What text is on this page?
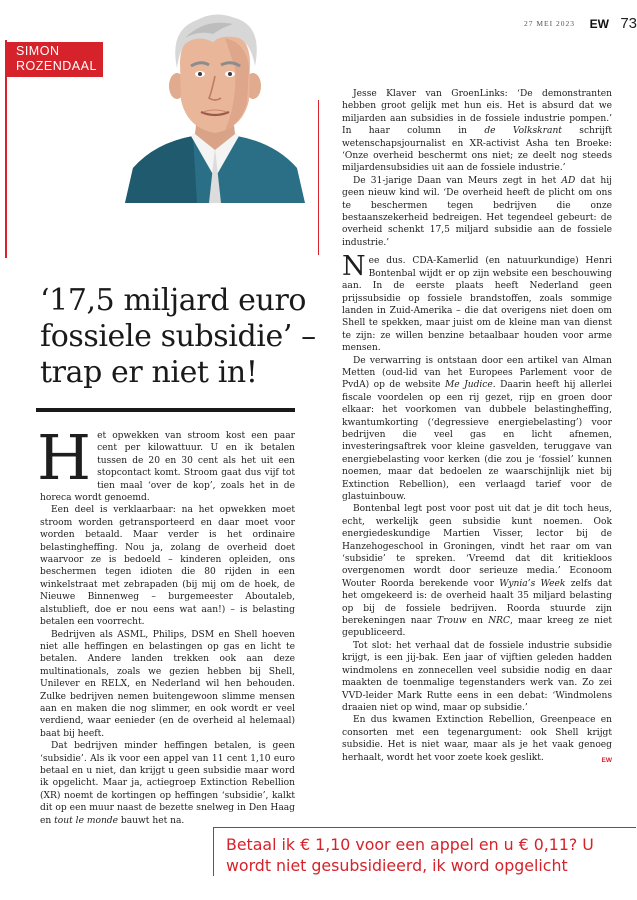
27 MEI 2023 EW 73
SIMON
ROZENDAAL
‘17,5 miljard euro fossiele subsidie’ – trap er niet in!

Het opwekken van stroom kost een paar cent per kilowattuur. U en ik betalen tussen de 20 en 30 cent als het uit een stopcontact komt. Stroom gaat dus vijf tot tien maal ‘over de kop’, zoals het in de horeca wordt genoemd.

Een deel is verklaarbaar: na het opwekken moet stroom worden getransporteerd en daar moet voor worden betaald. Maar verder is het ordinaire belastingheffing. Nou ja, zolang de overheid doet waarvoor ze is bedoeld – kinderen opleiden, ons beschermen tegen idioten die 80 rijden in een winkelstraat met zebrapaden (bij mij om de hoek, de Nieuwe Binnenweg – burgemeester Aboutaleb, alstublieft, doe er nou eens wat aan!) – is belasting betalen een voorrecht.

Bedrijven als ASML, Philips, DSM en Shell hoeven niet alle heffingen en belastingen op gas en licht te betalen. Andere landen trekken ook aan deze multinationals, zoals we gezien hebben bij Shell, Unilever en RELX, en Nederland wil hen behouden. Zulke bedrijven nemen buitengewoon slimme mensen aan en maken die nog slimmer, en ook wordt er veel verdiend, waar eenieder (en de overheid al helemaal) baat bij heeft.

Dat bedrijven minder heffingen betalen, is geen ‘subsidie’. Als ik voor een appel van 11 cent 1,10 euro betaal en u niet, dan krijgt u geen subsidie maar word ik opgelicht. Maar ja, actiegroep Extinction Rebellion (XR) noemt de kortingen op heffingen ‘subsidie’, kalkt dit op een muur naast de bezette snelweg in Den Haag en tout le monde bauwt het na.

Jesse Klaver van GroenLinks: ‘De demonstranten hebben groot gelijk met hun eis. Het is absurd dat we miljarden aan subsidies in de fossiele industrie pompen.’ In haar column in de Volkskrant schrijft wetenschapsjournalist en XR-activist Asha ten Broeke: ‘Onze overheid beschermt ons niet; ze deelt nog steeds miljardensubsidies uit aan de fossiele industrie.’

De 31-jarige Daan van Meurs zegt in het AD dat hij geen nieuw kind wil. ‘De overheid heeft de plicht om ons te beschermen tegen bedrijven die onze bestaanszekerheid bedreigen. Het tegendeel gebeurt: de overheid schenkt 17,5 miljard subsidie aan de fossiele industrie.’

Nee dus. CDA-Kamerlid (en natuurkundige) Henri Bontenbal wijdt er op zijn website een beschouwing aan. In de eerste plaats heeft Nederland geen prijssubsidie op fossiele brandstoffen, zoals sommige landen in Zuid-Amerika – die dat overigens niet doen om Shell te spekken, maar juist om de kleine man van dienst te zijn: ze willen benzine betaalbaar houden voor arme mensen.

De verwarring is ontstaan door een artikel van Alman Metten (oud-lid van het Europees Parlement voor de PvdA) op de website Me Judice. Daarin heeft hij allerlei fiscale voordelen op een rij gezet, rijp en groen door elkaar: het voorkomen van dubbele belastingheffing, kwantumkorting (‘degressieve energiebelasting’) voor bedrijven die veel gas en licht afnemen, investeringsaftrek voor kleine gasvelden, teruggave van energiebelasting voor kerken (die zou je ‘fossiel’ kunnen noemen, maar dat bedoelen ze waarschijnlijk niet bij Extinction Rebellion), een verlaagd tarief voor de glastuinbouw.

Bontenbal legt post voor post uit dat je dit toch heus, echt, werkelijk geen subsidie kunt noemen. Ook energiedeskundige Martien Visser, lector bij de Hanzehogeschool in Groningen, vindt het raar om van ‘subsidie’ te spreken. ‘Vreemd dat dit kritiekloos overgenomen wordt door serieuze media.’ Econoom Wouter Roorda berekende voor Wynia’s Week zelfs dat het omgekeerd is: de overheid haalt 35 miljard belasting op bij de fossiele bedrijven. Roorda stuurde zijn berekeningen naar Trouw en NRC, maar kreeg ze niet gepubliceerd.

Tot slot: het verhaal dat de fossiele industrie subsidie krijgt, is een jij-bak. Een jaar of vijftien geleden hadden windmolens en zonnecellen veel subsidie nodig en daar maakten de toenmalige tegenstanders werk van. Zo zei VVD-leider Mark Rutte eens in een debat: ‘Windmolens draaien niet op wind, maar op subsidie.’

En dus kwamen Extinction Rebellion, Greenpeace en consorten met een tegenargument: ook Shell krijgt subsidie. Het is niet waar, maar als je het vaak genoeg herhaalt, wordt het voor zoete koek geslikt.	EW

Betaal ik € 1,10 voor een appel en u € 0,11? U wordt niet gesubsidieerd, ik word opgelicht
